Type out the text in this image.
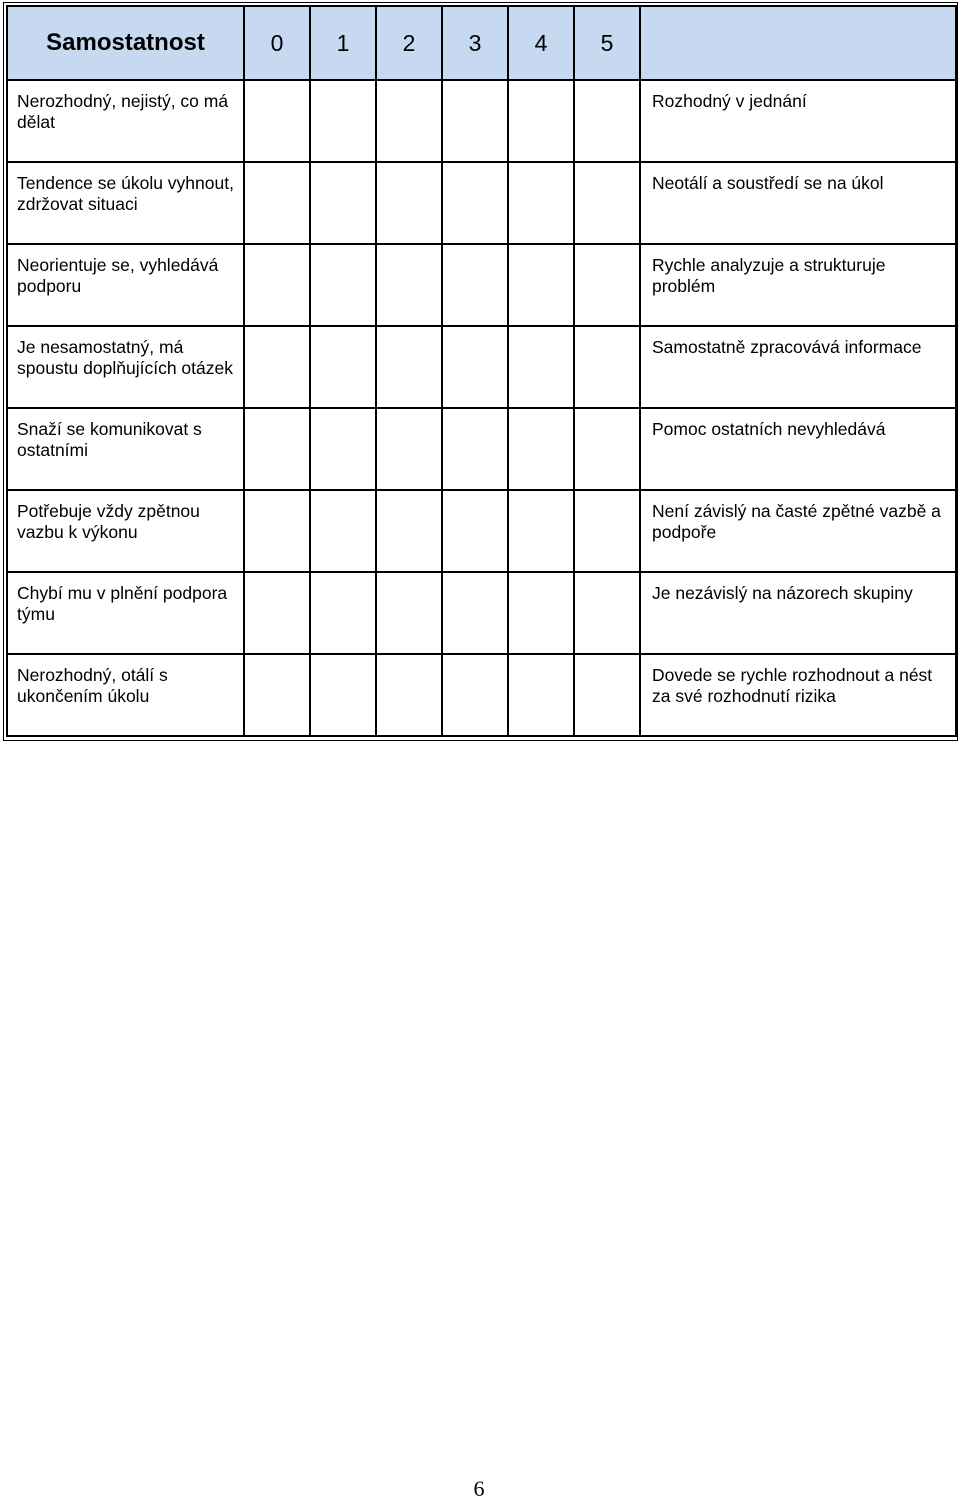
Samostatnost	0	1	2	3	4	5	

Nerozhodný, nejistý, co má dělat							Rozhodný v jednání

Tendence se úkolu vyhnout, zdržovat situaci							Neotálí a soustředí se na úkol

Neorientuje se, vyhledává podporu							Rychle analyzuje a strukturuje problém

Je nesamostatný, má spoustu doplňujících otázek							Samostatně zpracovává informace

Snaží se komunikovat s ostatními							Pomoc ostatních nevyhledává

Potřebuje vždy zpětnou vazbu k výkonu							Není závislý na časté zpětné vazbě a podpoře

Chybí mu v plnění podpora týmu							Je nezávislý na názorech skupiny

Nerozhodný, otálí s ukončením úkolu							Dovede se rychle rozhodnout a nést za své rozhodnutí rizika
6
